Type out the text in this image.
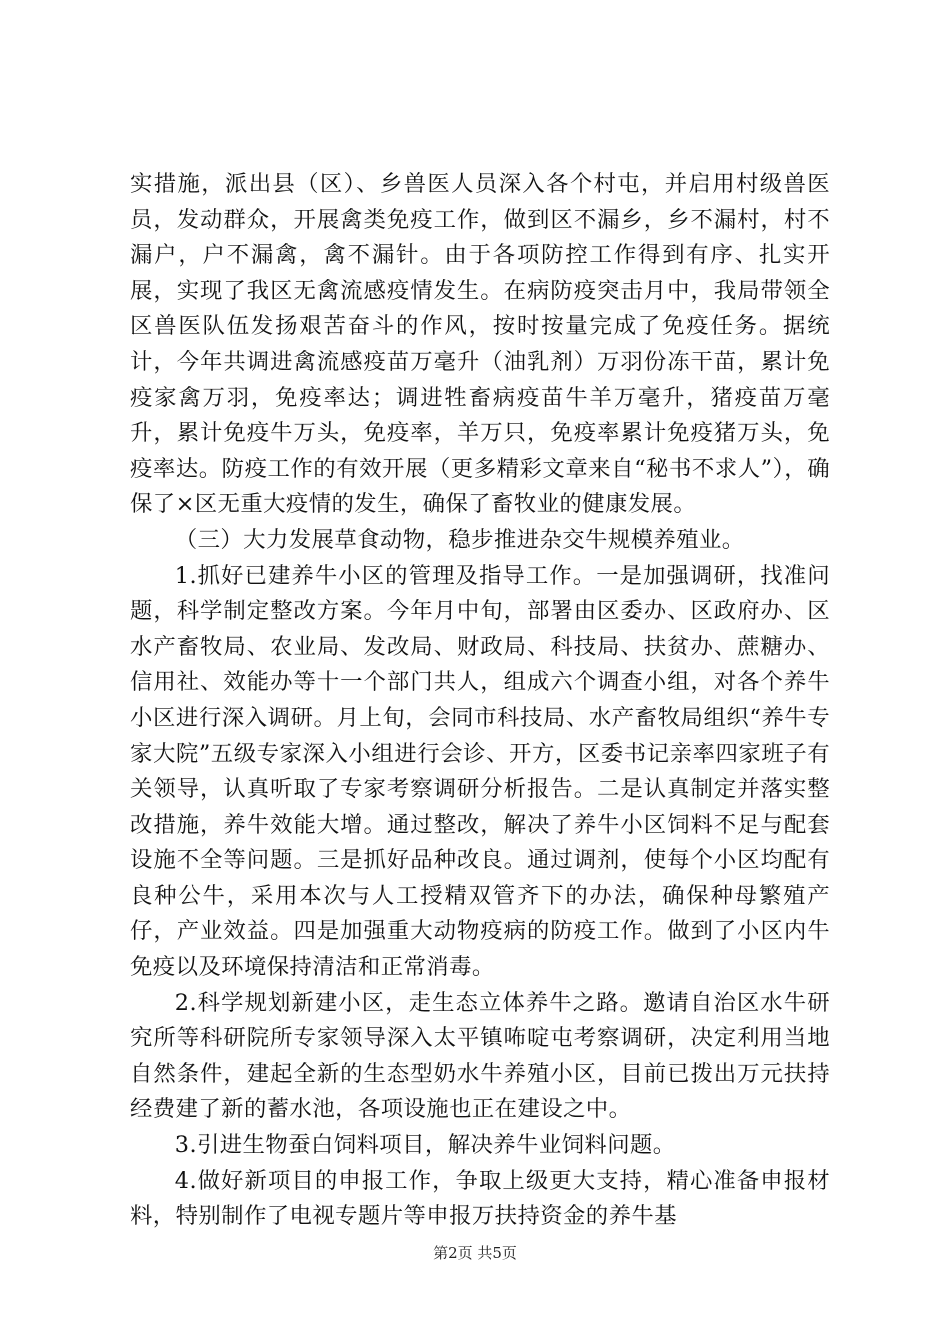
实措施，派出县（区）、乡兽医人员深入各个村屯，并启用村级兽医员，发动群众，开展禽类免疫工作，做到区不漏乡，乡不漏村，村不漏户，户不漏禽，禽不漏针。由于各项防控工作得到有序、扎实开展，实现了我区无禽流感疫情发生。在病防疫突击月中，我局带领全区兽医队伍发扬艰苦奋斗的作风，按时按量完成了免疫任务。据统计，今年共调进禽流感疫苗万毫升（油乳剂）万羽份冻干苗，累计免疫家禽万羽，免疫率达；调进牲畜病疫苗牛羊万毫升，猪疫苗万毫升，累计免疫牛万头，免疫率，羊万只，免疫率累计免疫猪万头，免疫率达。防疫工作的有效开展（更多精彩文章来自“秘书不求人”），确保了×区无重大疫情的发生，确保了畜牧业的健康发展。

（三）大力发展草食动物，稳步推进杂交牛规模养殖业。

1.抓好已建养牛小区的管理及指导工作。一是加强调研，找准问题，科学制定整改方案。今年月中旬，部署由区委办、区政府办、区水产畜牧局、农业局、发改局、财政局、科技局、扶贫办、蔗糖办、信用社、效能办等十一个部门共人，组成六个调查小组，对各个养牛小区进行深入调研。月上旬，会同市科技局、水产畜牧局组织“养牛专家大院”五级专家深入小组进行会诊、开方，区委书记亲率四家班子有关领导，认真听取了专家考察调研分析报告。二是认真制定并落实整改措施，养牛效能大增。通过整改，解决了养牛小区饲料不足与配套设施不全等问题。三是抓好品种改良。通过调剂，使每个小区均配有良种公牛，采用本次与人工授精双管齐下的办法，确保种母繁殖产仔，产业效益。四是加强重大动物疫病的防疫工作。做到了小区内牛免疫以及环境保持清洁和正常消毒。

2.科学规划新建小区，走生态立体养牛之路。邀请自治区水牛研究所等科研院所专家领导深入太平镇咘啶屯考察调研，决定利用当地自然条件，建起全新的生态型奶水牛养殖小区，目前已拨出万元扶持经费建了新的蓄水池，各项设施也正在建设之中。

3.引进生物蚕白饲料项目，解决养牛业饲料问题。

4.做好新项目的申报工作，争取上级更大支持，精心准备申报材料，特别制作了电视专题片等申报万扶持资金的养牛基

第2页 共5页
